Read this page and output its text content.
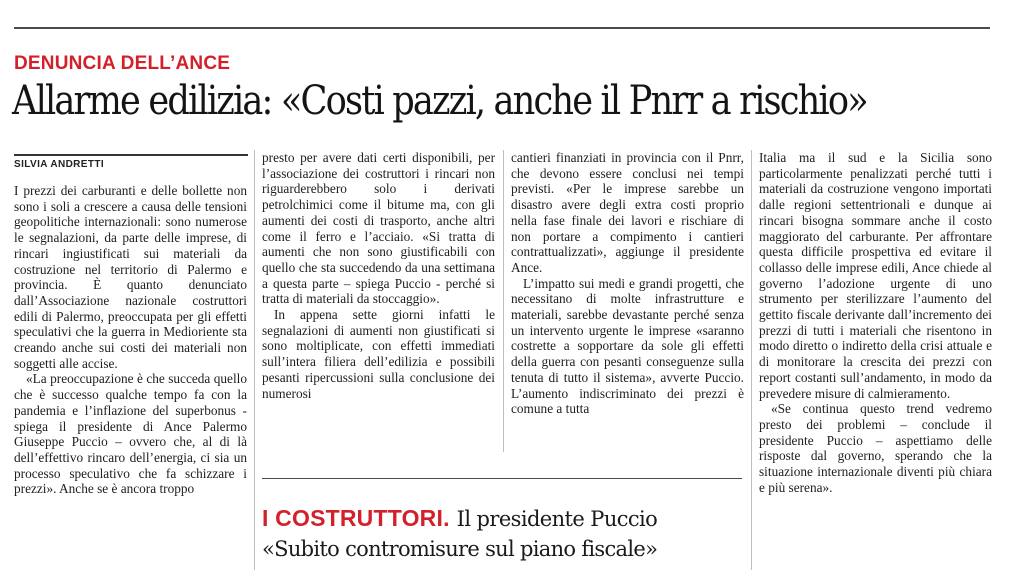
DENUNCIA DELL’ANCE
Allarme edilizia: «Costi pazzi, anche il Pnrr a rischio»
SILVIA ANDRETTI

I prezzi dei carburanti e delle bollette non sono i soli a crescere a causa delle tensioni geopolitiche internazionali: sono numerose le segnalazioni, da parte delle imprese, di rincari ingiustificati sui materiali da costruzione nel territorio di Palermo e provincia. È quanto denunciato dall’Associazione nazionale costruttori edili di Palermo, preoccupata per gli effetti speculativi che la guerra in Medioriente sta creando anche sui costi dei materiali non soggetti alle accise.

«La preoccupazione è che succeda quello che è successo qualche tempo fa con la pandemia e l’inflazione del superbonus - spiega il presidente di Ance Palermo Giuseppe Puccio – ovvero che, al di là dell’effettivo rincaro dell’energia, ci sia un processo speculativo che fa schizzare i prezzi». Anche se è ancora troppo

presto per avere dati certi disponibili, per l’associazione dei costruttori i rincari non riguarderebbero solo i derivati petrolchimici come il bitume ma, con gli aumenti dei costi di trasporto, anche altri come il ferro e l’acciaio. «Si tratta di aumenti che non sono giustificabili con quello che sta succedendo da una settimana a questa parte – spiega Puccio - perché si tratta di materiali da stoccaggio».

In appena sette giorni infatti le segnalazioni di aumenti non giustificati si sono moltiplicate, con effetti immediati sull’intera filiera dell’edilizia e possibili pesanti ripercussioni sulla conclusione dei numerosi

cantieri finanziati in provincia con il Pnrr, che devono essere conclusi nei tempi previsti. «Per le imprese sarebbe un disastro avere degli extra costi proprio nella fase finale dei lavori e rischiare di non portare a compimento i cantieri contrattualizzati», aggiunge il presidente Ance.

L’impatto sui medi e grandi progetti, che necessitano di molte infrastrutture e materiali, sarebbe devastante perché senza un intervento urgente le imprese «saranno costrette a sopportare da sole gli effetti della guerra con pesanti conseguenze sulla tenuta di tutto il sistema», avverte Puccio. L’aumento indiscriminato dei prezzi è comune a tutta

Italia ma il sud e la Sicilia sono particolarmente penalizzati perché tutti i materiali da costruzione vengono importati dalle regioni settentrionali e dunque ai rincari bisogna sommare anche il costo maggiorato del carburante. Per affrontare questa difficile prospettiva ed evitare il collasso delle imprese edili, Ance chiede al governo l’adozione urgente di uno strumento per sterilizzare l’aumento del gettito fiscale derivante dall’incremento dei prezzi di tutti i materiali che risentono in modo diretto o indiretto della crisi attuale e di monitorare la crescita dei prezzi con report costanti sull’andamento, in modo da prevedere misure di calmieramento.

«Se continua questo trend vedremo presto dei problemi – conclude il presidente Puccio – aspettiamo delle risposte dal governo, sperando che la situazione internazionale diventi più chiara e più serena».

I COSTRUTTORI. Il presidente Puccio
«Subito contromisure sul piano fiscale»
